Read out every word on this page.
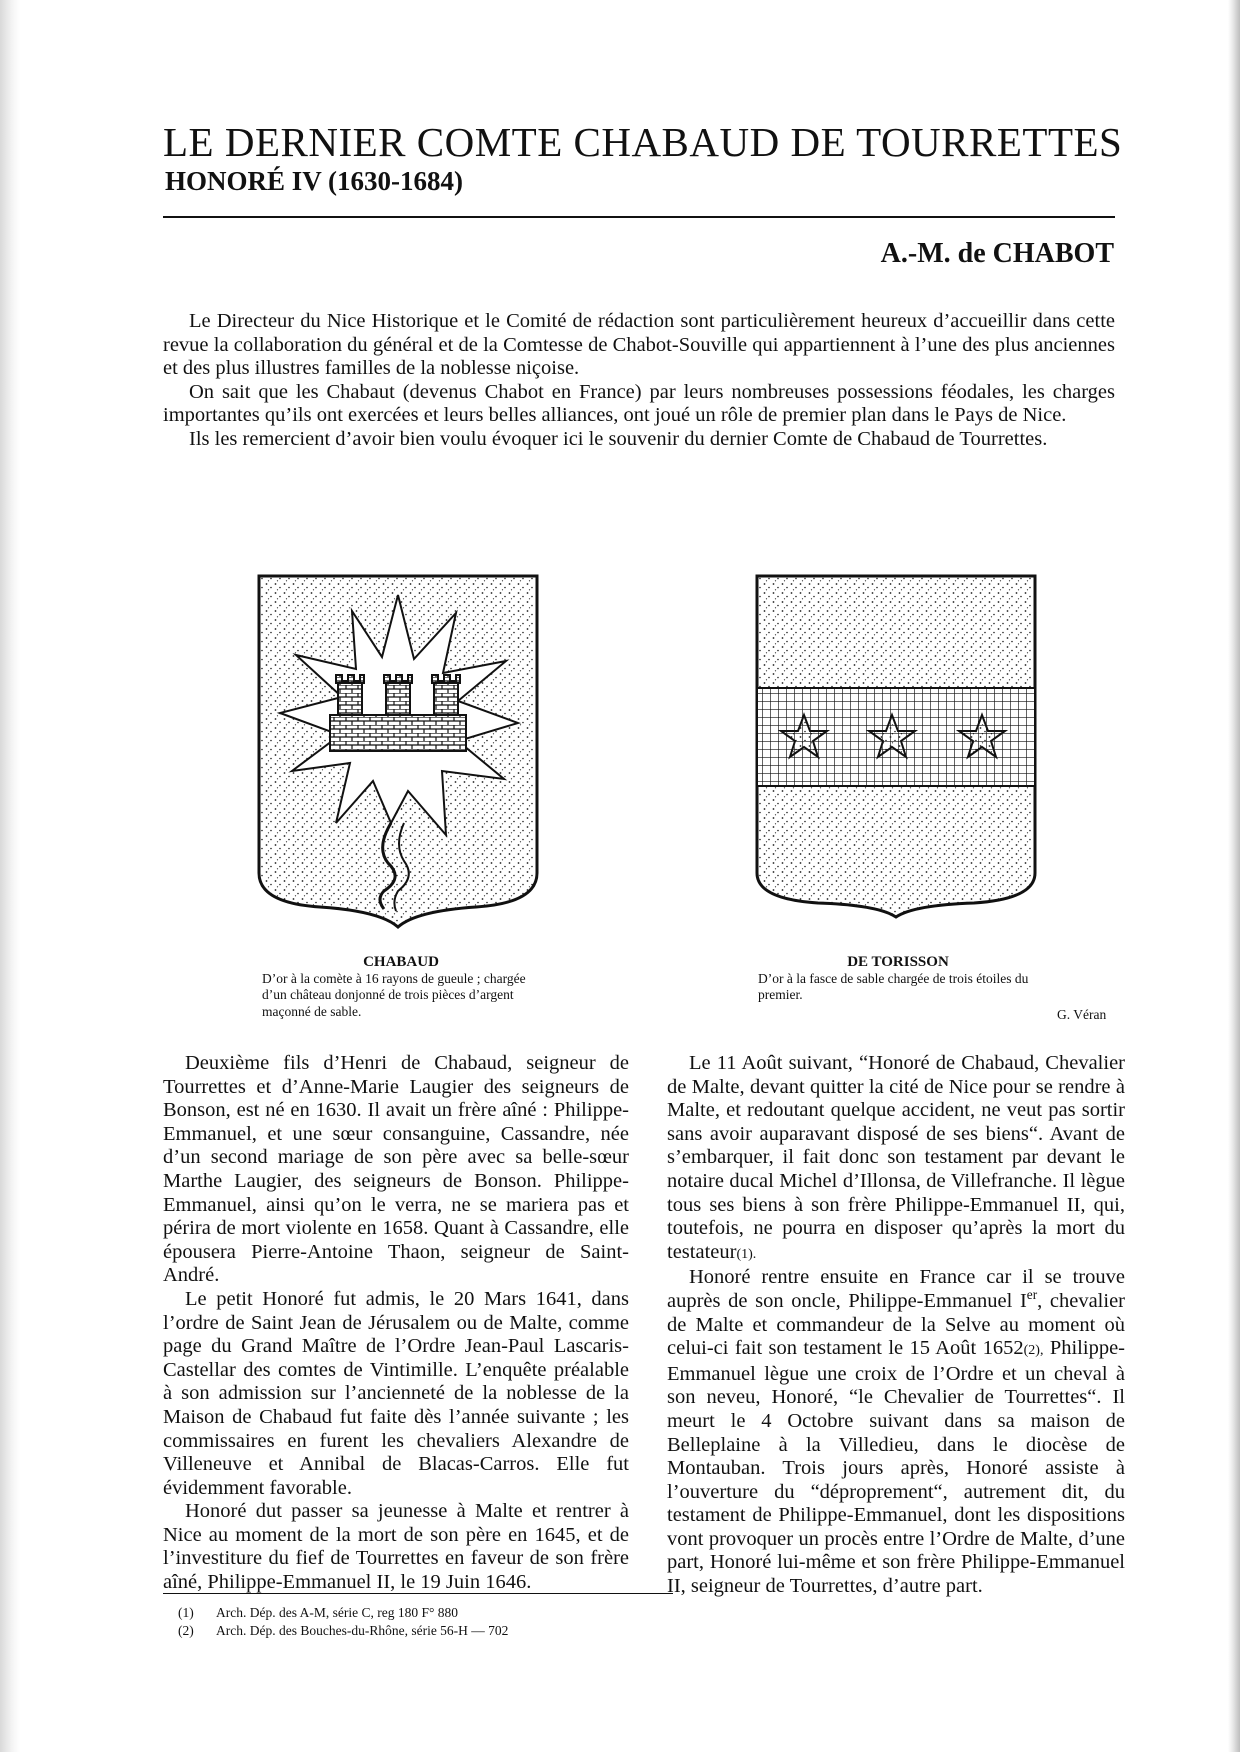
LE DERNIER COMTE CHABAUD DE TOURRETTES
HONORÉ IV (1630-1684)
A.-M. de CHABOT

Le Directeur du Nice Historique et le Comité de rédaction sont particulièrement heureux d’accueillir dans cette revue la collaboration du général et de la Comtesse de Chabot-Souville qui appartiennent à l’une des plus anciennes et des plus illustres familles de la noblesse niçoise.

On sait que les Chabaut (devenus Chabot en France) par leurs nombreuses possessions féodales, les charges importantes qu’ils ont exercées et leurs belles alliances, ont joué un rôle de premier plan dans le Pays de Nice.

Ils les remercient d’avoir bien voulu évoquer ici le souvenir du dernier Comte de Chabaud de Tourrettes.

CHABAUD
D’or à la comète à 16 rayons de gueule ; chargée d’un château donjonné de trois pièces d’argent maçonné de sable.
DE TORISSON
D’or à la fasce de sable chargée de trois étoiles du premier.
G. Véran

Deuxième fils d’Henri de Chabaud, seigneur de Tourrettes et d’Anne-Marie Laugier des seigneurs de Bonson, est né en 1630. Il avait un frère aîné : Philippe-Emmanuel, et une sœur consanguine, Cassandre, née d’un second mariage de son père avec sa belle-sœur Marthe Laugier, des seigneurs de Bonson. Philippe-Emmanuel, ainsi qu’on le verra, ne se mariera pas et périra de mort violente en 1658. Quant à Cassandre, elle épousera Pierre-Antoine Thaon, seigneur de Saint-André.

Le petit Honoré fut admis, le 20 Mars 1641, dans l’ordre de Saint Jean de Jérusalem ou de Malte, comme page du Grand Maître de l’Ordre Jean-Paul Lascaris-Castellar des comtes de Vintimille. L’enquête préalable à son admission sur l’ancienneté de la noblesse de la Maison de Chabaud fut faite dès l’année suivante ; les commissaires en furent les chevaliers Alexandre de Villeneuve et Annibal de Blacas-Carros. Elle fut évidemment favorable.

Honoré dut passer sa jeunesse à Malte et rentrer à Nice au moment de la mort de son père en 1645, et de l’investiture du fief de Tourrettes en faveur de son frère aîné, Philippe-Emmanuel II, le 19 Juin 1646.

Le 11 Août suivant, “Honoré de Chabaud, Chevalier de Malte, devant quitter la cité de Nice pour se rendre à Malte, et redoutant quelque accident, ne veut pas sortir sans avoir auparavant disposé de ses biens“. Avant de s’embarquer, il fait donc son testament par devant le notaire ducal Michel d’Illonsa, de Villefranche. Il lègue tous ses biens à son frère Philippe-Emmanuel II, qui, toutefois, ne pourra en disposer qu’après la mort du testateur(1).

Honoré rentre ensuite en France car il se trouve auprès de son oncle, Philippe-Emmanuel Ier, chevalier de Malte et commandeur de la Selve au moment où celui-ci fait son testament le 15 Août 1652(2), Philippe-Emmanuel lègue une croix de l’Ordre et un cheval à son neveu, Honoré, “le Chevalier de Tourrettes“. Il meurt le 4 Octobre suivant dans sa maison de Belleplaine à la Villedieu, dans le diocèse de Montauban. Trois jours après, Honoré assiste à l’ouverture du “dépropremen‌t“, autrement dit, du testament de Philippe-Emmanuel, dont les dispositions vont provoquer un procès entre l’Ordre de Malte, d’une part, Honoré lui-même et son frère Philippe-Emmanuel II, seigneur de Tourrettes, d’autre part.

(1)	Arch. Dép. des A-M, série C, reg 180 F° 880
(2)	Arch. Dép. des Bouches-du-Rhône, série 56-H — 702
